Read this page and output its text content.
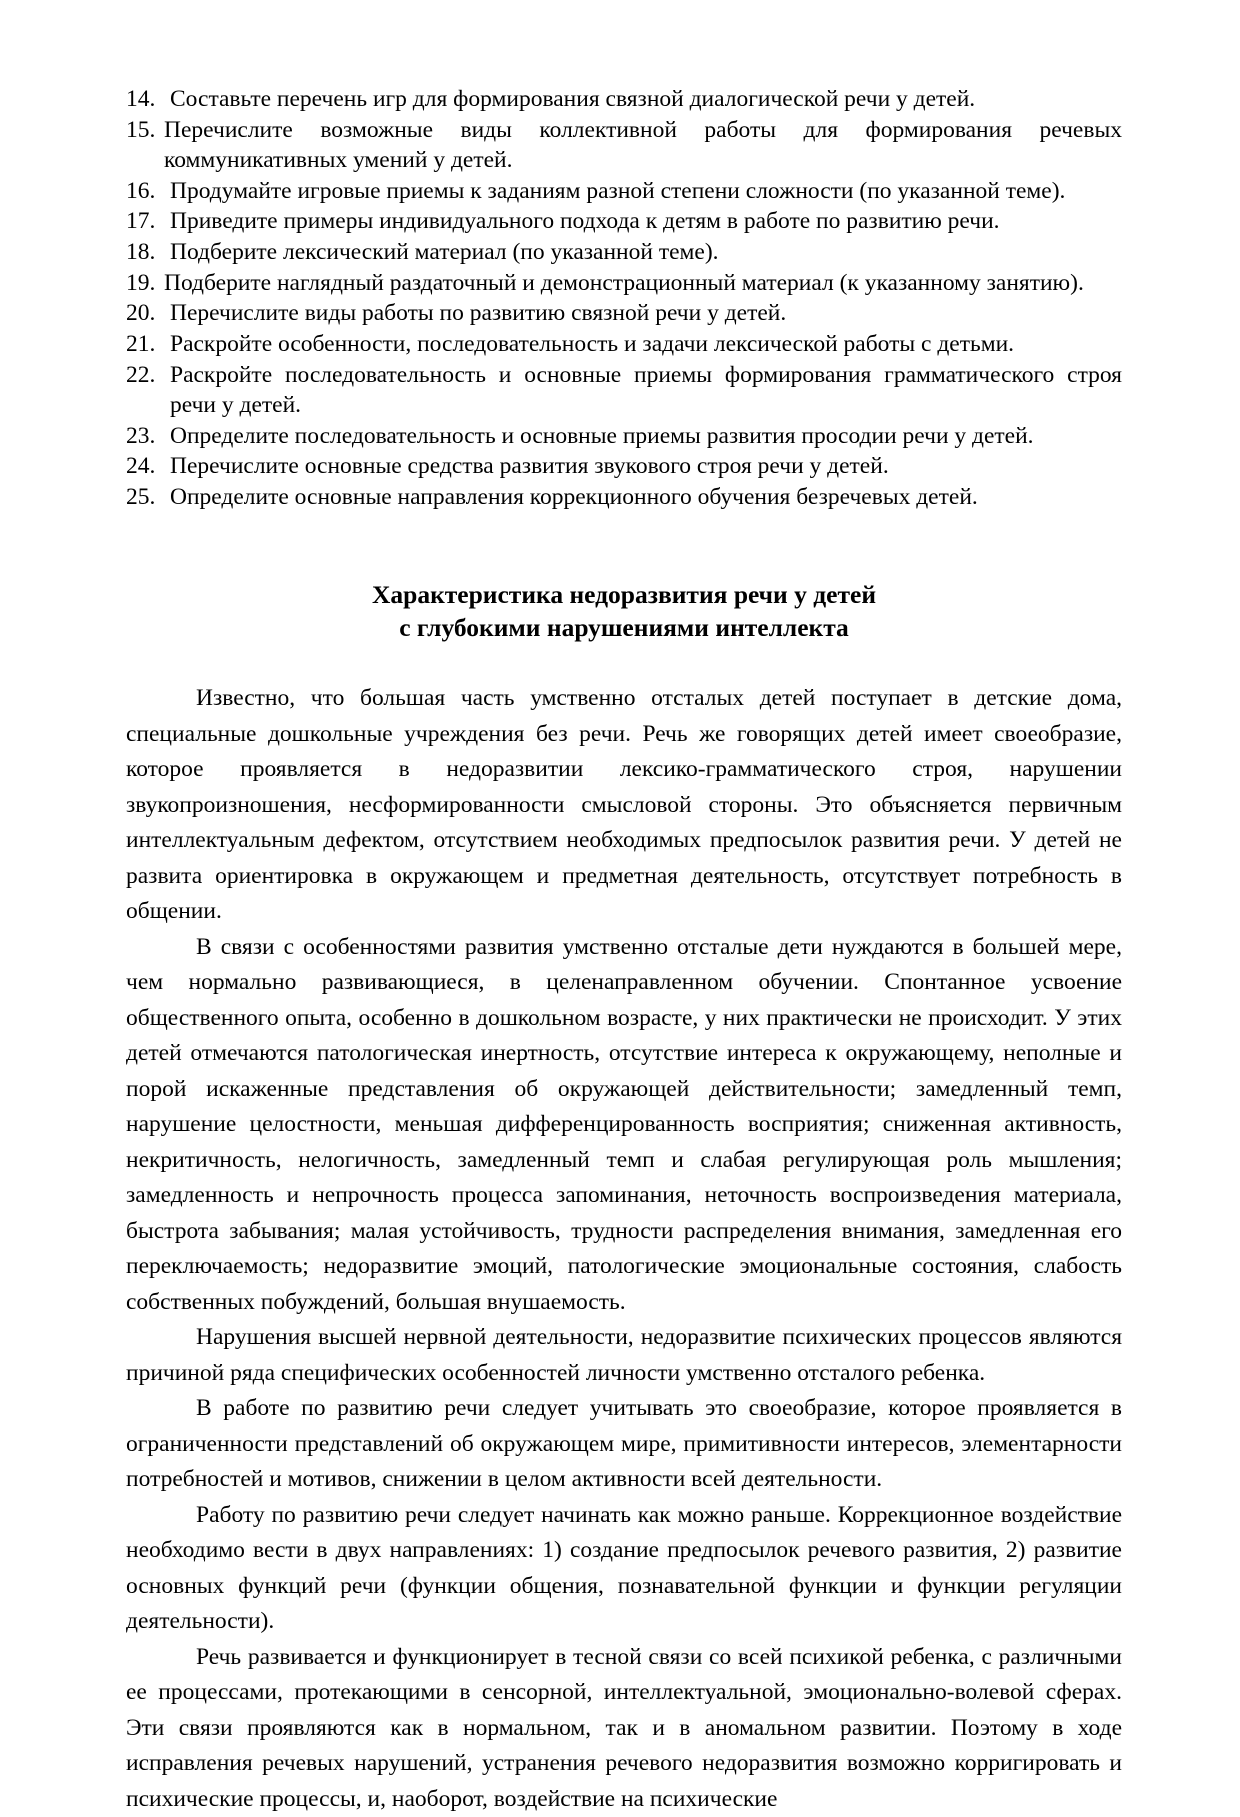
14. Составьте перечень игр для формирования связной диалогической речи у детей.
15. Перечислите возможные виды коллективной работы для формирования речевых коммуникативных умений у детей.
16. Продумайте игровые приемы к заданиям разной степени сложности (по указанной теме).
17. Приведите примеры индивидуального подхода к детям в работе по развитию речи.
18. Подберите лексический материал (по указанной теме).
19. Подберите наглядный раздаточный и демонстрационный материал (к указанному занятию).
20. Перечислите виды работы по развитию связной речи у детей.
21. Раскройте особенности, последовательность и задачи лексической работы с детьми.
22. Раскройте последовательность и основные приемы формирования грамматического строя речи у детей.
23. Определите последовательность и основные приемы развития просодии речи у детей.
24. Перечислите основные средства развития звукового строя речи у детей.
25. Определите основные направления коррекционного обучения безречевых детей.
Характеристика недоразвития речи у детей
с глубокими нарушениями интеллекта

Известно, что большая часть умственно отсталых детей поступает в детские дома, специальные дошкольные учреждения без речи. Речь же говорящих детей имеет своеобразие, которое проявляется в недоразвитии лексико-грамматического строя, нарушении звукопроизношения, несформированности смысловой стороны. Это объясняется первичным интеллектуальным дефектом, отсутствием необходимых предпосылок развития речи. У детей не развита ориентировка в окружающем и предметная деятельность, отсутствует потребность в общении.

В связи с особенностями развития умственно отсталые дети нуждаются в большей мере, чем нормально развивающиеся, в целенаправленном обучении. Спонтанное усвоение общественного опыта, особенно в дошкольном возрасте, у них практически не происходит. У этих детей отмечаются патологическая инертность, отсутствие интереса к окружающему, неполные и порой искаженные представления об окружающей действительности; замедленный темп, нарушение целостности, меньшая дифференцированность восприятия; сниженная активность, некритичность, нелогичность, замедленный темп и слабая регулирующая роль мышления; замедленность и непрочность процесса запоминания, неточность воспроизведения материала, быстрота забывания; малая устойчивость, трудности распределения внимания, замедленная его переключаемость; недоразвитие эмоций, патологические эмоциональные состояния, слабость собственных побуждений, большая внушаемость.

Нарушения высшей нервной деятельности, недоразвитие психических процессов являются причиной ряда специфических особенностей личности умственно отсталого ребенка.

В работе по развитию речи следует учитывать это своеобразие, которое проявляется в ограниченности представлений об окружающем мире, примитивности интересов, элементарности потребностей и мотивов, снижении в целом активности всей деятельности.

Работу по развитию речи следует начинать как можно раньше. Коррекционное воздействие необходимо вести в двух направлениях: 1) создание предпосылок речевого развития, 2) развитие основных функций речи (функции общения, познавательной функции и функции регуляции деятельности).

Речь развивается и функционирует в тесной связи со всей психикой ребенка, с различными ее процессами, протекающими в сенсорной, интеллектуальной, эмоционально-волевой сферах. Эти связи проявляются как в нормальном, так и в аномальном развитии. Поэтому в ходе исправления речевых нарушений, устранения речевого недоразвития возможно корригировать и психические процессы, и, наоборот, воздействие на психические
